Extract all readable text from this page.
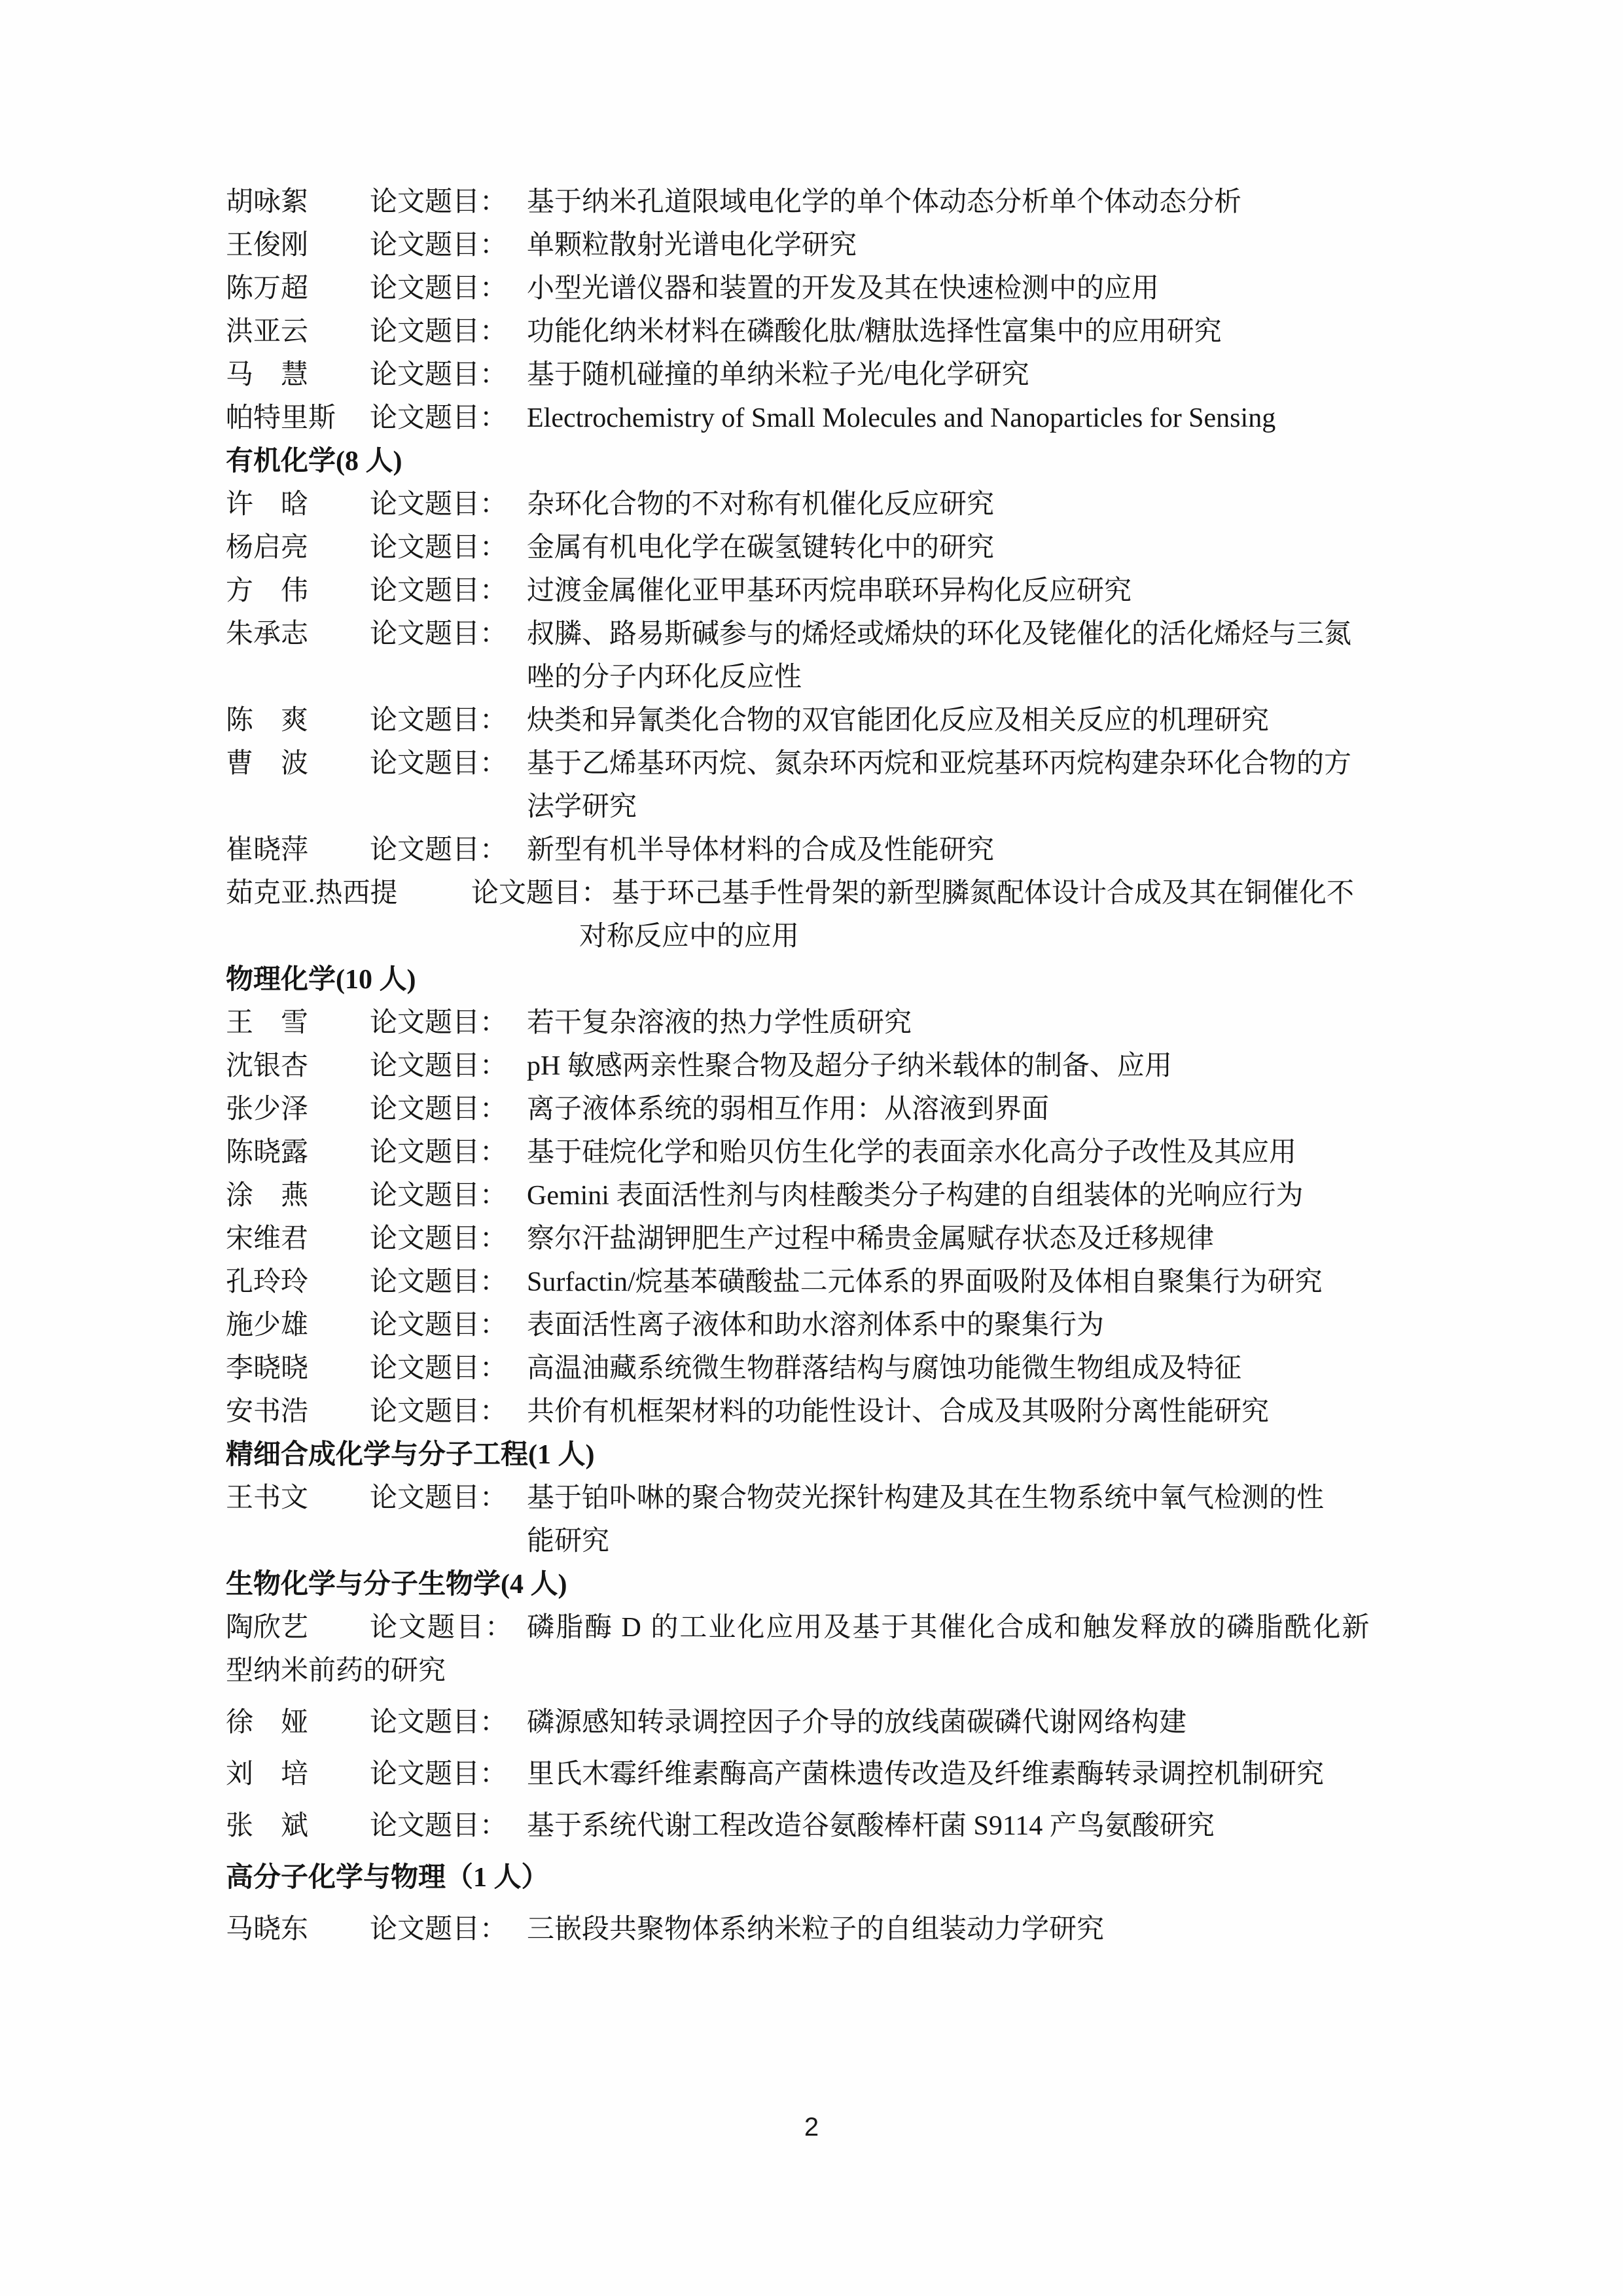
胡咏絮	论文题目： 基于纳米孔道限域电化学的单个体动态分析单个体动态分析
王俊刚	论文题目： 单颗粒散射光谱电化学研究
陈万超	论文题目： 小型光谱仪器和装置的开发及其在快速检测中的应用
洪亚云	论文题目： 功能化纳米材料在磷酸化肽/糖肽选择性富集中的应用研究
马　慧	论文题目： 基于随机碰撞的单纳米粒子光/电化学研究
帕特里斯	论文题目： Electrochemistry of Small Molecules and Nanoparticles for Sensing
有机化学(8 人)
许　晗	论文题目： 杂环化合物的不对称有机催化反应研究
杨启亮	论文题目： 金属有机电化学在碳氢键转化中的研究
方　伟	论文题目： 过渡金属催化亚甲基环丙烷串联环异构化反应研究
朱承志	论文题目： 叔膦、路易斯碱参与的烯烃或烯炔的环化及铑催化的活化烯烃与三氮
唑的分子内环化反应性
陈　爽	论文题目： 炔类和异氰类化合物的双官能团化反应及相关反应的机理研究
曹　波	论文题目： 基于乙烯基环丙烷、氮杂环丙烷和亚烷基环丙烷构建杂环化合物的方
法学研究
崔晓萍	论文题目： 新型有机半导体材料的合成及性能研究
茹克亚.热西提	论文题目： 基于环己基手性骨架的新型膦氮配体设计合成及其在铜催化不
对称反应中的应用
物理化学(10 人)
王　雪	论文题目： 若干复杂溶液的热力学性质研究
沈银杏	论文题目： pH 敏感两亲性聚合物及超分子纳米载体的制备、应用
张少泽	论文题目： 离子液体系统的弱相互作用：从溶液到界面
陈晓露	论文题目： 基于硅烷化学和贻贝仿生化学的表面亲水化高分子改性及其应用
涂　燕	论文题目： Gemini 表面活性剂与肉桂酸类分子构建的自组装体的光响应行为
宋维君	论文题目： 察尔汗盐湖钾肥生产过程中稀贵金属赋存状态及迁移规律
孔玲玲	论文题目： Surfactin/烷基苯磺酸盐二元体系的界面吸附及体相自聚集行为研究
施少雄	论文题目： 表面活性离子液体和助水溶剂体系中的聚集行为
李晓晓	论文题目： 高温油藏系统微生物群落结构与腐蚀功能微生物组成及特征
安书浩	论文题目： 共价有机框架材料的功能性设计、合成及其吸附分离性能研究
精细合成化学与分子工程(1 人)
王书文	论文题目： 基于铂卟啉的聚合物荧光探针构建及其在生物系统中氧气检测的性
能研究
生物化学与分子生物学(4 人)
陶欣艺 论文题目： 磷脂酶 D 的工业化应用及基于其催化合成和触发释放的磷脂酰化新
型纳米前药的研究
徐　娅	论文题目： 磷源感知转录调控因子介导的放线菌碳磷代谢网络构建
刘　培	论文题目： 里氏木霉纤维素酶高产菌株遗传改造及纤维素酶转录调控机制研究
张　斌	论文题目： 基于系统代谢工程改造谷氨酸棒杆菌 S9114 产鸟氨酸研究
高分子化学与物理（1 人）
马晓东	论文题目： 三嵌段共聚物体系纳米粒子的自组装动力学研究
2
